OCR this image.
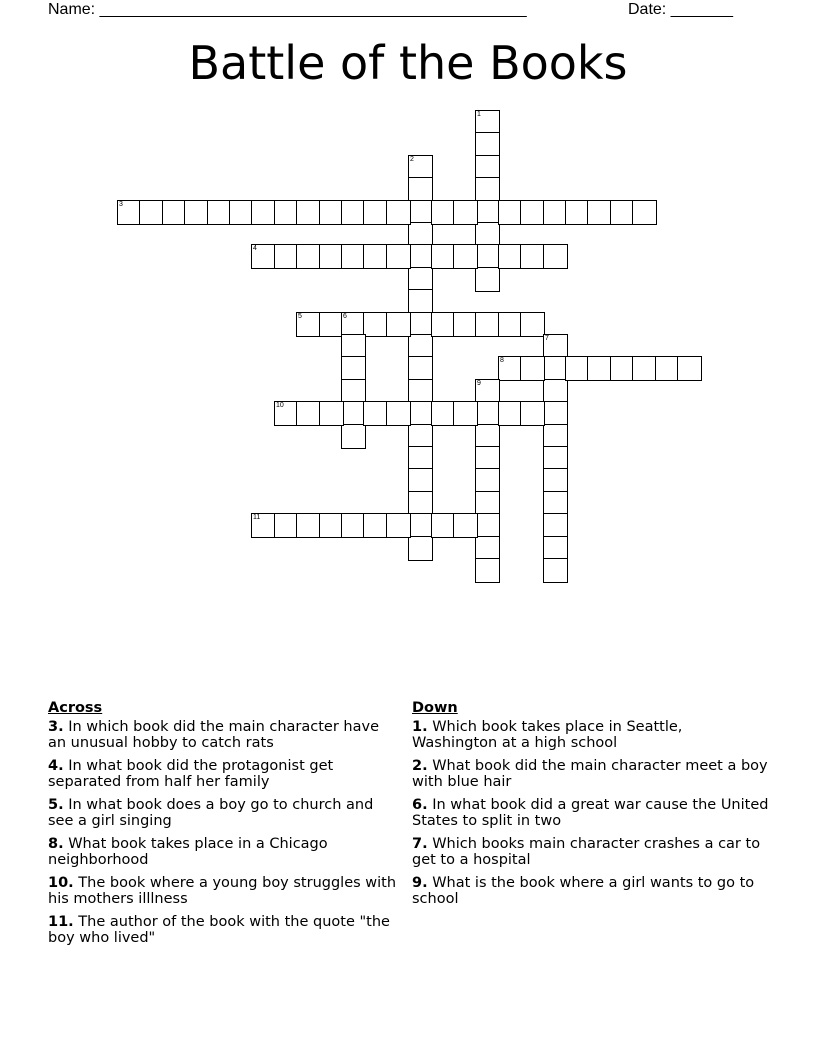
Name: ________________________________________________	Date: _______
Battle of the Books
1
2
3
4
5	6
7
8
9
10
11
Across
3. In which book did the main character have an unusual hobby to catch rats
4. In what book did the protagonist get separated from half her family
5. In what book does a boy go to church and see a girl singing
8. What book takes place in a Chicago neighborhood
10. The book where a young boy struggles with his mothers illlness
11. The author of the book with the quote "the boy who lived"
Down
1. Which book takes place in Seattle, Washington at a high school
2. What book did the main character meet a boy with blue hair
6. In what book did a great war cause the United States to split in two
7. Which books main character crashes a car to get to a hospital
9. What is the book where a girl wants to go to school
